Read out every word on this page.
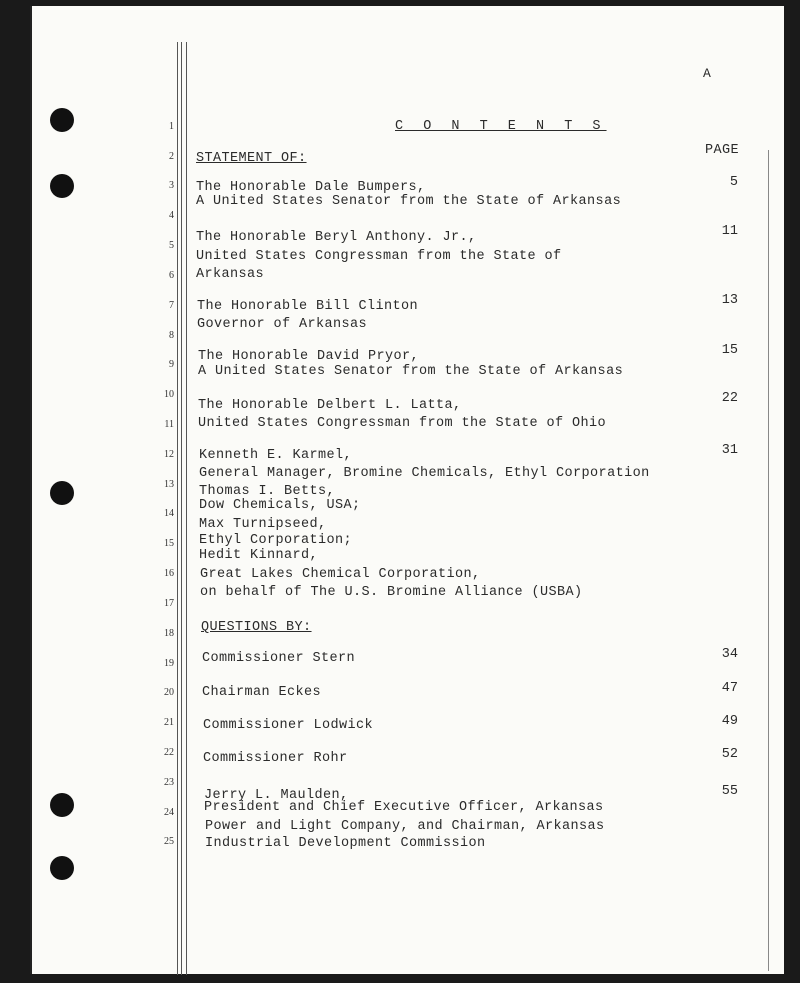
A
C O N T E N T S
STATEMENT OF:
PAGE
1
2
3
4
5
6
7
8
9
10
11
12
13
14
15
16
17
18
19
20
21
22
23
24
25
The Honorable Dale Bumpers,
A United States Senator from the State of Arkansas
5
The Honorable Beryl Anthony. Jr.,
United States Congressman from the State of
Arkansas
11
The Honorable Bill Clinton
Governor of Arkansas
13
The Honorable David Pryor,
A United States Senator from the State of Arkansas
15
The Honorable Delbert L. Latta,
United States Congressman from the State of Ohio
22
Kenneth E. Karmel,
General Manager, Bromine Chemicals, Ethyl Corporation
Thomas I. Betts,
Dow Chemicals, USA;
Max Turnipseed,
Ethyl Corporation;
Hedit Kinnard,
Great Lakes Chemical Corporation,
on behalf of The U.S. Bromine Alliance (USBA)
31
QUESTIONS BY:
Commissioner Stern	34
Chairman Eckes	47
Commissioner Lodwick	49
Commissioner Rohr	52
Jerry L. Maulden,
President and Chief Executive Officer, Arkansas
Power and Light Company, and Chairman, Arkansas
Industrial Development Commission
55
